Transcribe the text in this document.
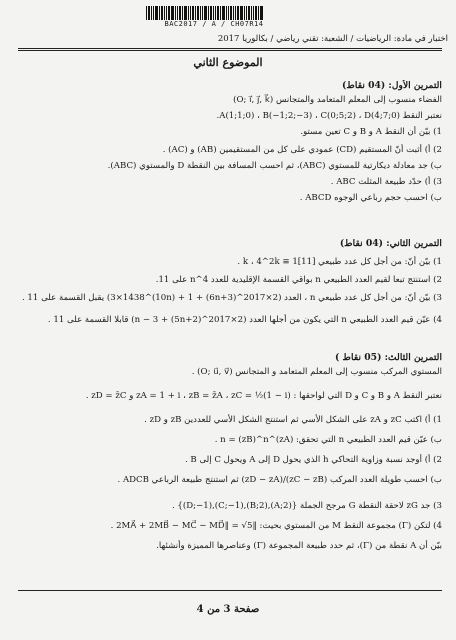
BAC2017 / A / CH07R14
اختبار في مادة: الرياضيات / الشعبة: تقني رياضي / بكالوريا 2017
الموضوع الثاني
التمرين الأول: (04 نقاط)
الفضاء منسوب إلى المعلم المتعامد والمتجانس (O; i⃗, j⃗, k⃗)
نعتبر النقط A(1;1;0) ، B(−1;2;−3) ، C(0;5;2) ، D(4;7;0).
1) بيّن أن النقط A و B و C تعين مستو.
2) أ) أثبت أنّ المستقيم (CD) عمودي على كل من المستقيمين (AB) و (AC) .
ب) جد معادلة ديكارتية للمستوي (ABC)، ثم احسب المسافة بين النقطة D والمستوي (ABC).
3) أ) حدّد طبيعة المثلث ABC .
ب) احسب حجم رباعي الوجوه ABCD .
التمرين الثاني: (04 نقاط)
1) بيّن أنّ: من أجل كل عدد طبيعي k ، 4^2k ≡ 1[11] .
2) استنتج تبعا لقيم العدد الطبيعي n بواقي القسمة الإقليدية للعدد 4^n على 11.
3) بيّن أنّ: من أجل كل عدد طبيعي n ، العدد (2×2017^(6n+3) + 3×1438^(10n) + 1) يقبل القسمة على 11 .
4) عيّن قيم العدد الطبيعي n التي يكون من أجلها العدد (2×2017^(5n+2) + n − 3) قابلا القسمة على 11 .
التمرين الثالث: (05 نقاط )
المستوي المركب منسوب إلى المعلم المتعامد و المتجانس (O; u⃗, v⃗) .
نعتبر النقط A و B و C و D التي لواحقها : zA = 1 + i ، zB = z̄A ، zC = ½(1 − i) و zD = z̄C .
1) أ) اكتب zC و zA على الشكل الأسي ثم استنتج الشكل الأسي للعددين zB و zD .
ب) عيّن قيم العدد الطبيعي n التي تحقق: (zA)^n = (zB)^n .
2) أ) أوجد نسبة وزاوية التحاكي h الذي يحول D إلى A ويحول C إلى B .
ب) احسب طويلة العدد المركب (zC − zB)/(zD − zA) ثم استنتج طبيعة الرباعي ADCB .
3) جد zG لاحقة النقطة G مرجح الجملة {(A;2),(B;2),(C;−1),(D;−1)} .
4) لتكن (Γ) مجموعة النقط M من المستوي بحيث: ‖2MA⃗ + 2MB⃗ − MC⃗ − MD⃗‖ = √5 .
بيّن أن A نقطة من (Γ)، ثم حدد طبيعة المجموعة (Γ) وعناصرها المميزة وأنشئها.
صفحة 3 من 4
